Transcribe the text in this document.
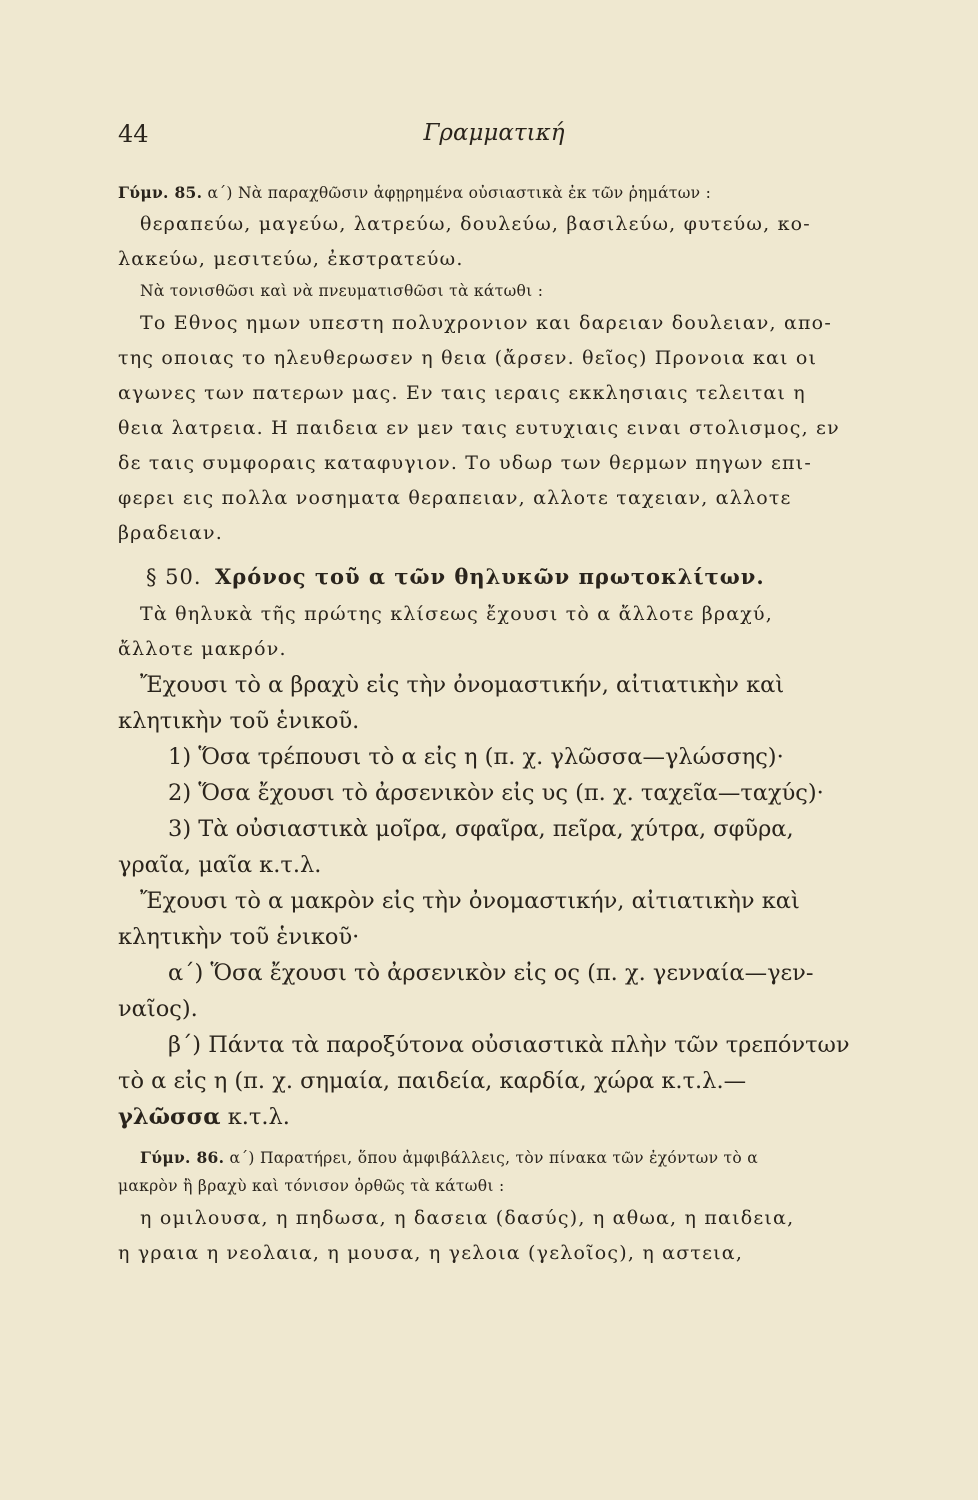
44	Γραμματική
Γύμν. 85. α΄) Νὰ παραχθῶσιν ἀφῃρημένα οὐσιαστικὰ ἐκ τῶν ῥημάτων :
θεραπεύω, μαγεύω, λατρεύω, δουλεύω, βασιλεύω, φυτεύω, κο-
λακεύω, μεσιτεύω, ἐκστρατεύω.
Νὰ τονισθῶσι καὶ νὰ πνευματισθῶσι τὰ κάτωθι :
Το Εθνος ημων υπεστη πολυχρονιον και δαρειαν δουλειαν, απο-
της οποιας το ηλευθερωσεν η θεια (ἄρσεν. θεῖος) Προνοια και οι
αγωνες των πατερων μας. Εν ταις ιεραις εκκλησιαις τελειται η
θεια λατρεια. Η παιδεια εν μεν ταις ευτυχιαις ειναι στολισμος, εν
δε ταις συμφοραις καταφυγιον. Το υδωρ των θερμων πηγων επι-
φερει εις πολλα νοσηματα θεραπειαν, αλλοτε ταχειαν, αλλοτε
βραδειαν.
§ 50. Χρόνος τοῦ α τῶν θηλυκῶν πρωτοκλίτων.
Τὰ θηλυκὰ τῆς πρώτης κλίσεως ἔχουσι τὸ α ἄλλοτε βραχύ,
ἄλλοτε μακρόν.
Ἔχουσι τὸ α βραχὺ εἰς τὴν ὀνομαστικήν, αἰτιατικὴν καὶ
κλητικὴν τοῦ ἑνικοῦ.
1) Ὅσα τρέπουσι τὸ α εἰς η (π. χ. γλῶσσα—γλώσσης)·
2) Ὅσα ἔχουσι τὸ ἀρσενικὸν εἰς υς (π. χ. ταχεῖα—ταχύς)·
3) Τὰ οὐσιαστικὰ μοῖρα, σφαῖρα, πεῖρα, χύτρα, σφῦρα,
γραῖα, μαῖα κ.τ.λ.
Ἔχουσι τὸ α μακρὸν εἰς τὴν ὀνομαστικήν, αἰτιατικὴν καὶ
κλητικὴν τοῦ ἑνικοῦ·
α΄) Ὅσα ἔχουσι τὸ ἀρσενικὸν εἰς ος (π. χ. γενναία—γεν-
ναῖος).
β΄) Πάντα τὰ παροξύτονα οὐσιαστικὰ πλὴν τῶν τρεπόντων
τὸ α εἰς η (π. χ. σημαία, παιδεία, καρδία, χώρα κ.τ.λ.—
γλῶσσα κ.τ.λ.
Γύμν. 86. α΄) Παρατήρει, ὅπου ἀμφιβάλλεις, τὸν πίνακα τῶν ἐχόντων τὸ α
μακρὸν ἢ βραχὺ καὶ τόνισον ὀρθῶς τὰ κάτωθι :
η ομιλουσα, η πηδωσα, η δασεια (δασύς), η αθωα, η παιδεια,
η γραια η νεολαια, η μουσα, η γελοια (γελοῖος), η αστεια,
